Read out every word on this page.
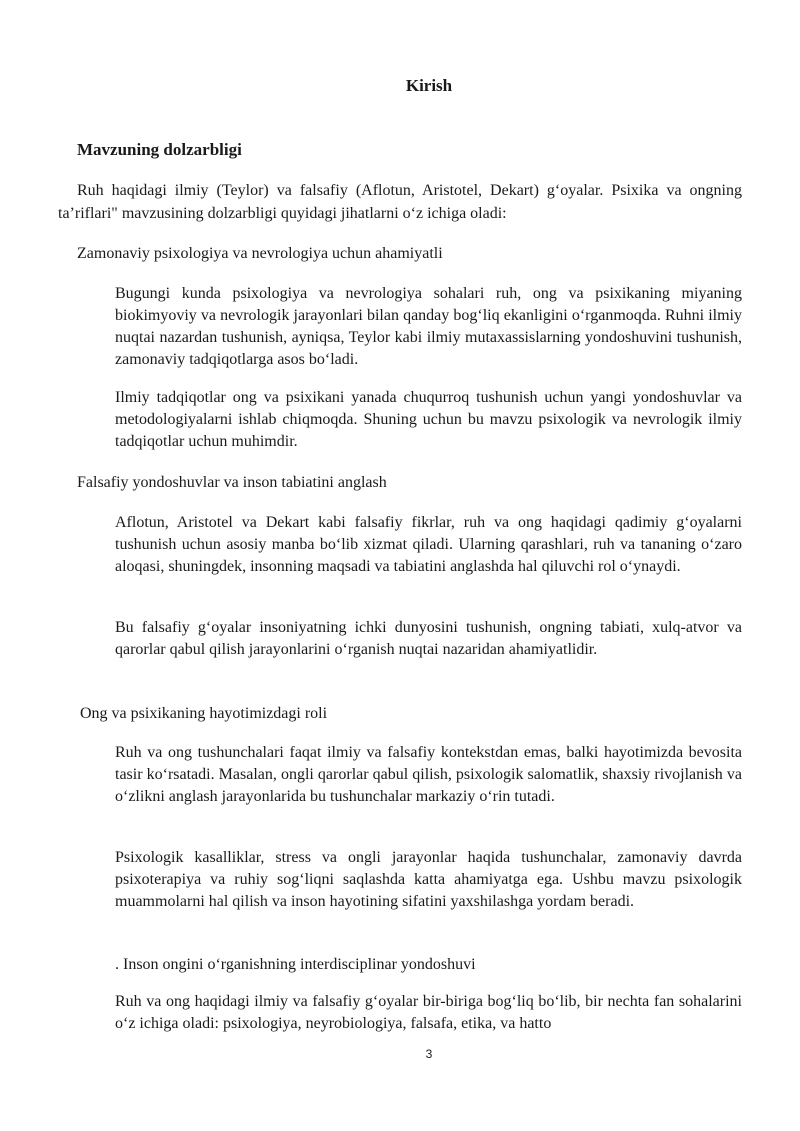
Kirish
Mavzuning dolzarbligi
Ruh haqidagi ilmiy (Teylor) va falsafiy (Aflotun, Aristotel, Dekart) g‘oyalar. Psixika va ongning ta’riflari" mavzusining dolzarbligi quyidagi jihatlarni o‘z ichiga oladi:
Zamonaviy psixologiya va nevrologiya uchun ahamiyatli
Bugungi kunda psixologiya va nevrologiya sohalari ruh, ong va psixikaning miyaning biokimyoviy va nevrologik jarayonlari bilan qanday bog‘liq ekanligini o‘rganmoqda. Ruhni ilmiy nuqtai nazardan tushunish, ayniqsa, Teylor kabi ilmiy mutaxassislarning yondoshuvini tushunish, zamonaviy tadqiqotlarga asos bo‘ladi.
Ilmiy tadqiqotlar ong va psixikani yanada chuqurroq tushunish uchun yangi yondoshuvlar va metodologiyalarni ishlab chiqmoqda. Shuning uchun bu mavzu psixologik va nevrologik ilmiy tadqiqotlar uchun muhimdir.
Falsafiy yondoshuvlar va inson tabiatini anglash
Aflotun, Aristotel va Dekart kabi falsafiy fikrlar, ruh va ong haqidagi qadimiy g‘oyalarni tushunish uchun asosiy manba bo‘lib xizmat qiladi. Ularning qarashlari, ruh va tananing o‘zaro aloqasi, shuningdek, insonning maqsadi va tabiatini anglashda hal qiluvchi rol o‘ynaydi.
Bu falsafiy g‘oyalar insoniyatning ichki dunyosini tushunish, ongning tabiati, xulq-atvor va qarorlar qabul qilish jarayonlarini o‘rganish nuqtai nazaridan ahamiyatlidir.
Ong va psixikaning hayotimizdagi roli
Ruh va ong tushunchalari faqat ilmiy va falsafiy kontekstdan emas, balki hayotimizda bevosita tasir ko‘rsatadi. Masalan, ongli qarorlar qabul qilish, psixologik salomatlik, shaxsiy rivojlanish va o‘zlikni anglash jarayonlarida bu tushunchalar markaziy o‘rin tutadi.
Psixologik kasalliklar, stress va ongli jarayonlar haqida tushunchalar, zamonaviy davrda psixoterapiya va ruhiy sog‘liqni saqlashda katta ahamiyatga ega. Ushbu mavzu psixologik muammolarni hal qilish va inson hayotining sifatini yaxshilashga yordam beradi.
. Inson ongini o‘rganishning interdisciplinar yondoshuvi
Ruh va ong haqidagi ilmiy va falsafiy g‘oyalar bir-biriga bog‘liq bo‘lib, bir nechta fan sohalarini o‘z ichiga oladi: psixologiya, neyrobiologiya, falsafa, etika, va hatto
3
